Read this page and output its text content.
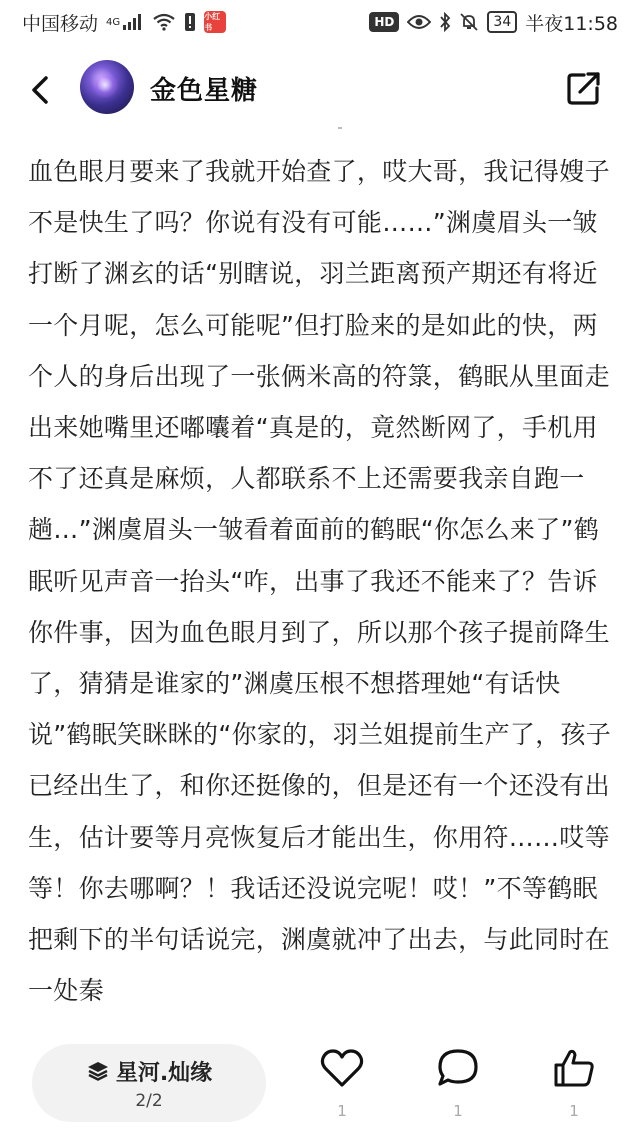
中国移动 4G	小红书	HD	34 半夜11:58
金色星糖

血色眼月要来了我就开始查了，哎大哥，我记得嫂子不是快生了吗？你说有没有可能……”渊虞眉头一皱打断了渊玄的话“别瞎说，羽兰距离预产期还有将近一个月呢，怎么可能呢”但打脸来的是如此的快，两个人的身后出现了一张俩米高的符箓，鹤眠从里面走出来她嘴里还嘟囔着“真是的，竟然断网了，手机用不了还真是麻烦，人都联系不上还需要我亲自跑一趟…”渊虞眉头一皱看着面前的鹤眠“你怎么来了”鹤眠听见声音一抬头“咋，出事了我还不能来了？告诉你件事，因为血色眼月到了，所以那个孩子提前降生了，猜猜是谁家的”渊虞压根不想搭理她“有话快说”鹤眠笑眯眯的“你家的，羽兰姐提前生产了，孩子已经出生了，和你还挺像的，但是还有一个还没有出生，估计要等月亮恢复后才能出生，你用符……哎等等！你去哪啊？！我话还没说完呢！哎！”不等鹤眠把剩下的半句话说完，渊虞就冲了出去，与此同时在一处秦

星河.灿缘
2/2
1	1	1
